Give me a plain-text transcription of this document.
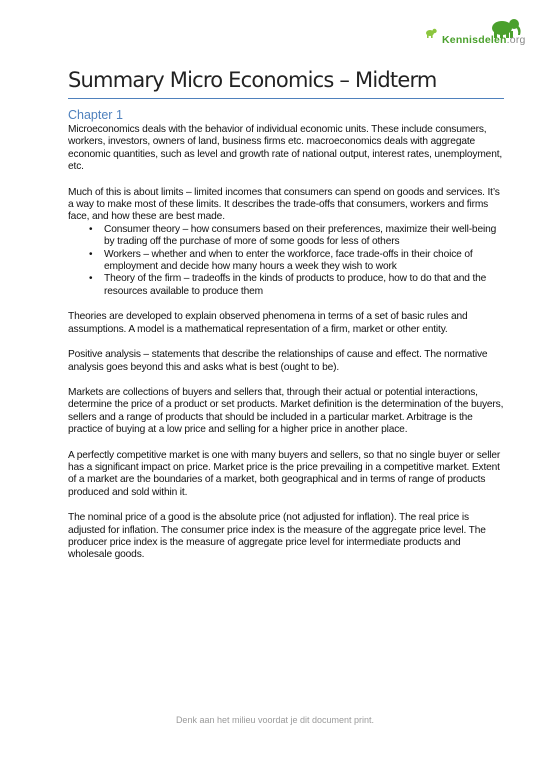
Kennisdelen.org
Summary Micro Economics – Midterm
Chapter 1

Microeconomics deals with the behavior of individual economic units. These include consumers, workers, investors, owners of land, business firms etc. macroeconomics deals with aggregate economic quantities, such as level and growth rate of national output, interest rates, unemployment, etc.

Much of this is about limits – limited incomes that consumers can spend on goods and services. It’s a way to make most of these limits. It describes the trade-offs that consumers, workers and firms face, and how these are best made.

• Consumer theory – how consumers based on their preferences, maximize their well-being by trading off the purchase of more of some goods for less of others
• Workers – whether and when to enter the workforce, face trade-offs in their choice of employment and decide how many hours a week they wish to work
• Theory of the firm – tradeoffs in the kinds of products to produce, how to do that and the resources available to produce them

Theories are developed to explain observed phenomena in terms of a set of basic rules and assumptions. A model is a mathematical representation of a firm, market or other entity.

Positive analysis – statements that describe the relationships of cause and effect. The normative analysis goes beyond this and asks what is best (ought to be).

Markets are collections of buyers and sellers that, through their actual or potential interactions, determine the price of a product or set products. Market definition is the determination of the buyers, sellers and a range of products that should be included in a particular market. Arbitrage is the practice of buying at a low price and selling for a higher price in another place.

A perfectly competitive market is one with many buyers and sellers, so that no single buyer or seller has a significant impact on price. Market price is the price prevailing in a competitive market. Extent of a market are the boundaries of a market, both geographical and in terms of range of products produced and sold within it.

The nominal price of a good is the absolute price (not adjusted for inflation). The real price is adjusted for inflation. The consumer price index is the measure of the aggregate price level. The producer price index is the measure of aggregate price level for intermediate products and wholesale goods.

Denk aan het milieu voordat je dit document print.
